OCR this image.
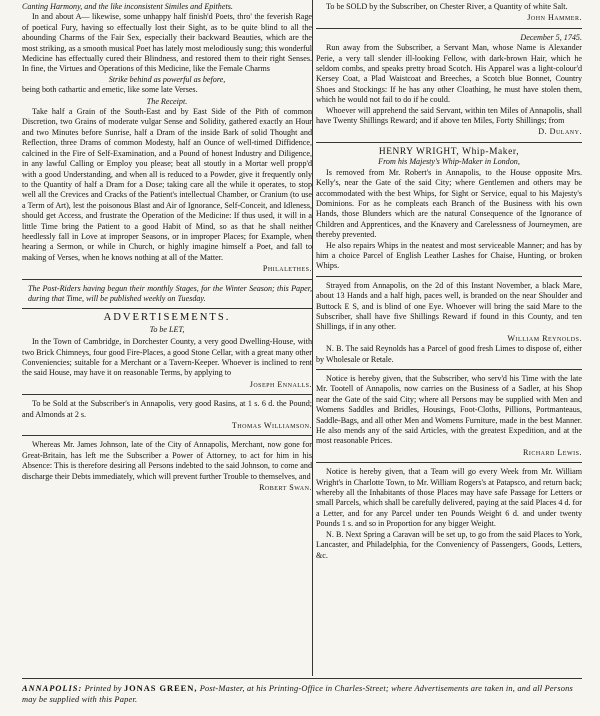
Canting Harmony, and the like inconsistent Similes and Epithets.

In and about A— likewise, some unhappy half finish'd Poets, thro' the feverish Rage of poetical Fury, having so effectually lost their Sight, as to be quite blind to all the abounding Charms of the Fair Sex, especially their backward Beauties, which are the most striking, as a smooth musical Poet has lately most melodiously sung; this wonderful Medicine has effectually cured their Blindness, and restored them to their right Senses. In fine, the Virtues and Operations of this Medicine, like the Female Charms

Strike behind as powerful as before,

being both cathartic and emetic, like some late Verses.

The Receipt.

Take half a Grain of the South-East and by East Side of the Pith of common Discretion, two Grains of moderate vulgar Sense and Solidity, gathered exactly an Hour and two Minutes before Sunrise, half a Dram of the inside Bark of solid Thought and Reflection, three Drams of common Modesty, half an Ounce of well-timed Diffidence, calcined in the Fire of Self-Examination, and a Pound of honest Industry and Diligence, in any lawful Calling or Employ you please; beat all stoutly in a Mortar well propp'd with a good Understanding, and when all is reduced to a Powder, give it frequently only to the Quantity of half a Dram for a Dose; taking care all the while it operates, to stop well all the Crevices and Cracks of the Patient's intellectual Chamber, or Cranium (to use a Term of Art), lest the poisonous Blast and Air of Ignorance, Self-Conceit, and Idleness, should get Access, and frustrate the Operation of the Medicine: If thus used, it will in a little Time bring the Patient to a good Habit of Mind, so as that he shall neither heedlessly fall in Love at improper Seasons, or in improper Places; for Example, when hearing a Sermon, or while in Church, or highly imagine himself a Poet, and fall to making of Verses, when he knows nothing at all of the Matter.

Philalethes.

The Post-Riders having begun their monthly Stages, for the Winter Season; this Paper, during that Time, will be published weekly on Tuesday.

ADVERTISEMENTS.

To be LET,

In the Town of Cambridge, in Dorchester County, a very good Dwelling-House, with two Brick Chimneys, four good Fire-Places, a good Stone Cellar, with a great many other Conveniencies; suitable for a Merchant or a Tavern-Keeper. Whoever is inclined to rent the said House, may have it on reasonable Terms, by applying to

Joseph Ennalls.

To be Sold at the Subscriber's in Annapolis, very good Rasins, at 1 s. 6 d. the Pound; and Almonds at 2 s.

Thomas Williamson.

Whereas Mr. James Johnson, late of the City of Annapolis, Merchant, now gone for Great-Britain, has left me the Subscriber a Power of Attorney, to act for him in his Absence: This is therefore desiring all Persons indebted to the said Johnson, to come and discharge their Debts immediately, which will prevent further Trouble to themselves, and

Robert Swan.

To be SOLD by the Subscriber, on Chester River, a Quantity of white Salt.

John Hammer.

December 5, 1745.

Run away from the Subscriber, a Servant Man, whose Name is Alexander Perie, a very tall slender ill-looking Fellow, with dark-brown Hair, which he seldom combs, and speaks pretty broad Scotch. His Apparel was a light-colour'd Kersey Coat, a Plad Waistcoat and Breeches, a Scotch blue Bonnet, Country Shoes and Stockings: If he has any other Cloathing, he must have stolen them, which he would not fail to do if he could.

Whoever will apprehend the said Servant, within ten Miles of Annapolis, shall have Twenty Shillings Reward; and if above ten Miles, Forty Shillings; from

D. Dulany.

HENRY WRIGHT, Whip-Maker,

From his Majesty's Whip-Maker in London,

Is removed from Mr. Robert's in Annapolis, to the House opposite Mrs. Kelly's, near the Gate of the said City; where Gentlemen and others may be accommodated with the best Whips, for Sight or Service, equal to his Majesty's Dominions. For as he compleats each Branch of the Business with his own Hands, those Blunders which are the natural Consequence of the Ignorance of Children and Apprentices, and the Knavery and Carelessness of Journeymen, are thereby prevented.

He also repairs Whips in the neatest and most serviceable Manner; and has by him a choice Parcel of English Leather Lashes for Chaise, Hunting, or broken Whips.

Strayed from Annapolis, on the 2d of this Instant November, a black Mare, about 13 Hands and a half high, paces well, is branded on the near Shoulder and Buttock E S, and is blind of one Eye. Whoever will bring the said Mare to the Subscriber, shall have five Shillings Reward if found in this County, and ten Shillings, if in any other.

William Reynolds.

N. B. The said Reynolds has a Parcel of good fresh Limes to dispose of, either by Wholesale or Retale.

Notice is hereby given, that the Subscriber, who serv'd his Time with the late Mr. Tootell of Annapolis, now carries on the Business of a Sadler, at his Shop near the Gate of the said City; where all Persons may be supplied with Men and Womens Saddles and Bridles, Housings, Foot-Cloths, Pillions, Portmanteaus, Saddle-Bags, and all other Men and Womens Furniture, made in the best Manner. He also mends any of the said Articles, with the greatest Expedition, and at the most reasonable Prices.

Richard Lewis.

Notice is hereby given, that a Team will go every Week from Mr. William Wright's in Charlotte Town, to Mr. William Rogers's at Patapsco, and return back; whereby all the Inhabitants of those Places may have safe Passage for Letters or small Parcels, which shall be carefully delivered, paying at the said Places 4 d. for a Letter, and for any Parcel under ten Pounds Weight 6 d. and under twenty Pounds 1 s. and so in Proportion for any bigger Weight.

N. B. Next Spring a Caravan will be set up, to go from the said Places to York, Lancaster, and Philadelphia, for the Conveniency of Passengers, Goods, Letters, &c.

ANNAPOLIS: Printed by JONAS GREEN, Post-Master, at his Printing-Office in Charles-Street; where Advertisements are taken in, and all Persons may be supplied with this Paper.
